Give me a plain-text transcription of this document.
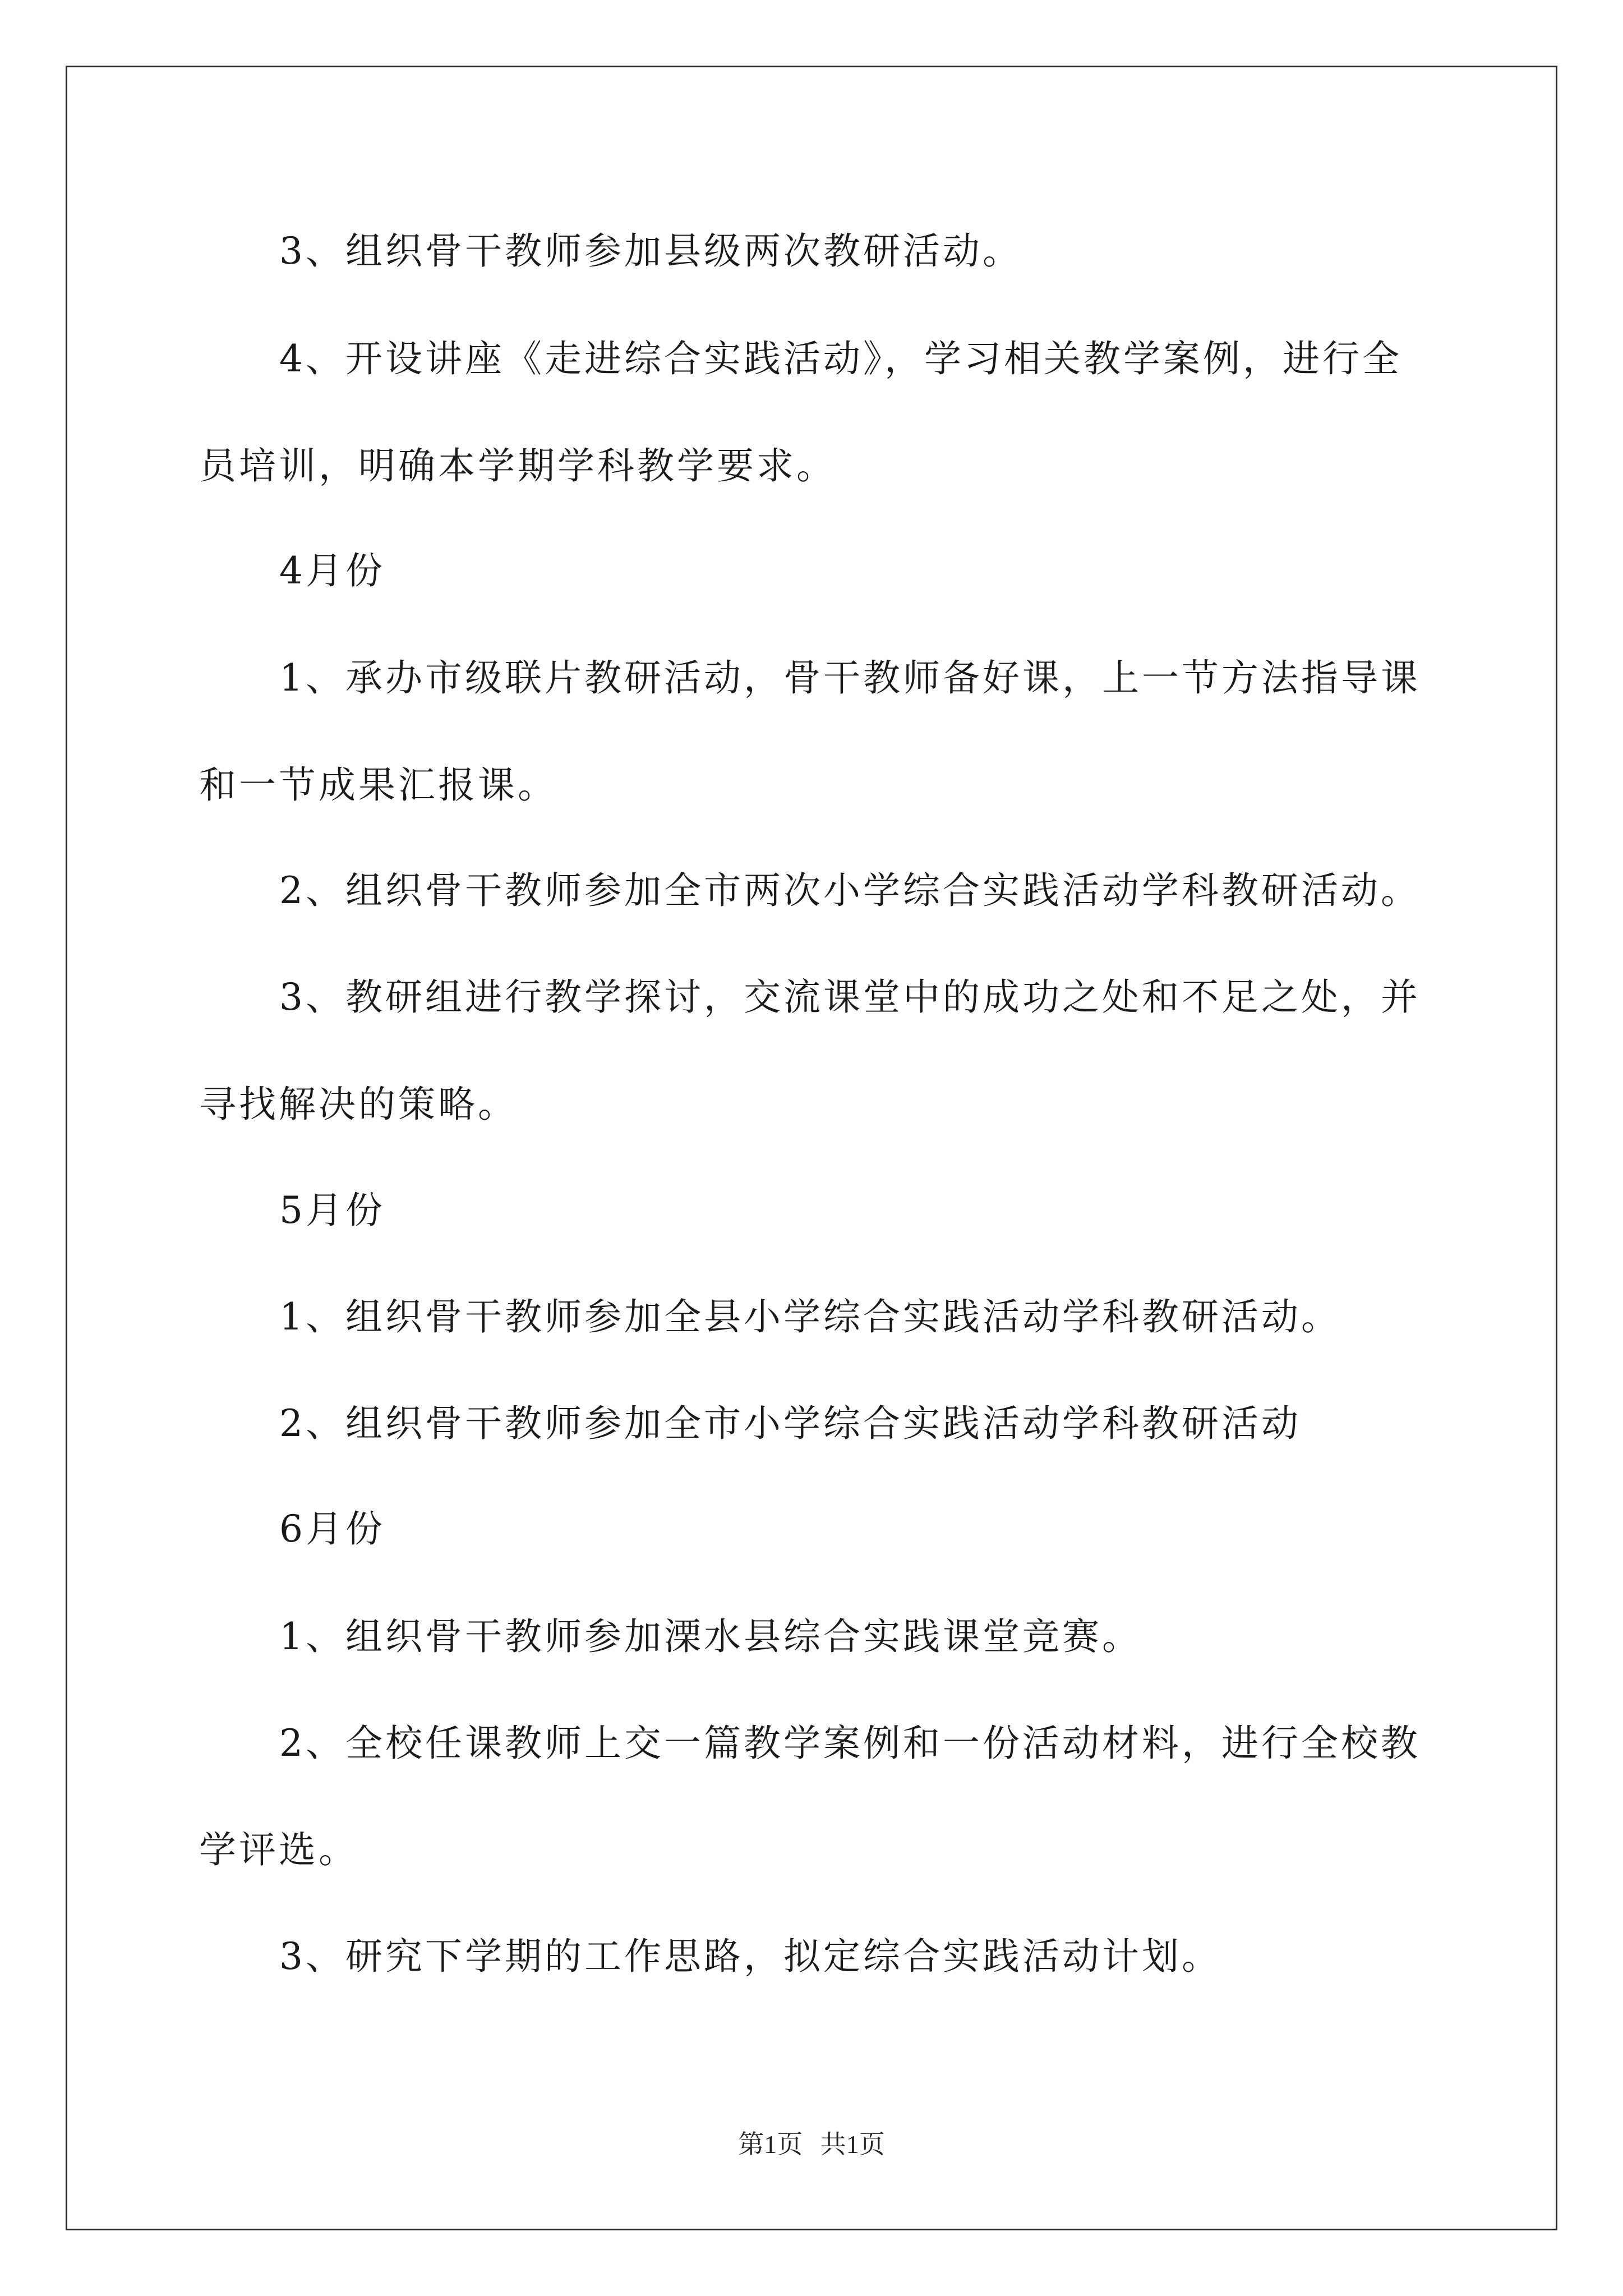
3、组织骨干教师参加县级两次教研活动。
4、开设讲座《走进综合实践活动》，学习相关教学案例，进行全
员培训，明确本学期学科教学要求。
4月份
1、承办市级联片教研活动，骨干教师备好课，上一节方法指导课
和一节成果汇报课。
2、组织骨干教师参加全市两次小学综合实践活动学科教研活动。
3、教研组进行教学探讨，交流课堂中的成功之处和不足之处，并
寻找解决的策略。
5月份
1、组织骨干教师参加全县小学综合实践活动学科教研活动。
2、组织骨干教师参加全市小学综合实践活动学科教研活动
6月份
1、组织骨干教师参加溧水县综合实践课堂竞赛。
2、全校任课教师上交一篇教学案例和一份活动材料，进行全校教
学评选。
3、研究下学期的工作思路，拟定综合实践活动计划。
第1页 共1页
